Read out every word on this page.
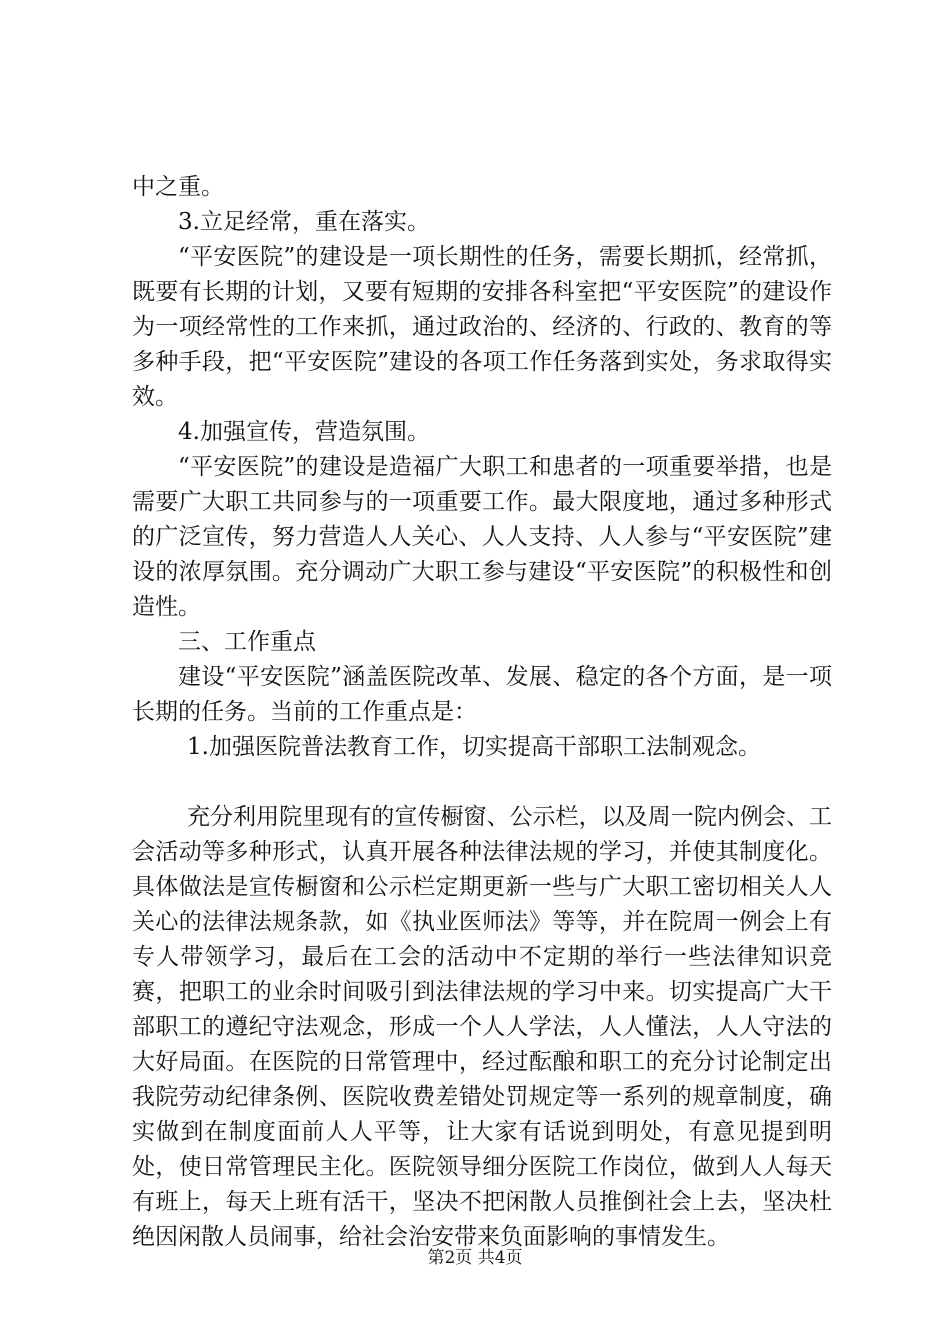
中之重。

3.立足经常，重在落实。

“平安医院”的建设是一项长期性的任务，需要长期抓，经常抓，既要有长期的计划，又要有短期的安排各科室把“平安医院”的建设作为一项经常性的工作来抓，通过政治的、经济的、行政的、教育的等多种手段，把“平安医院”建设的各项工作任务落到实处，务求取得实效。

4.加强宣传，营造氛围。

“平安医院”的建设是造福广大职工和患者的一项重要举措，也是需要广大职工共同参与的一项重要工作。最大限度地，通过多种形式的广泛宣传，努力营造人人关心、人人支持、人人参与“平安医院”建设的浓厚氛围。充分调动广大职工参与建设“平安医院”的积极性和创造性。

三、工作重点

建设“平安医院”涵盖医院改革、发展、稳定的各个方面，是一项长期的任务。当前的工作重点是：

1.加强医院普法教育工作，切实提高干部职工法制观念。

充分利用院里现有的宣传橱窗、公示栏，以及周一院内例会、工会活动等多种形式，认真开展各种法律法规的学习，并使其制度化。具体做法是宣传橱窗和公示栏定期更新一些与广大职工密切相关人人关心的法律法规条款，如《执业医师法》等等，并在院周一例会上有专人带领学习，最后在工会的活动中不定期的举行一些法律知识竞赛，把职工的业余时间吸引到法律法规的学习中来。切实提高广大干部职工的遵纪守法观念，形成一个人人学法，人人懂法，人人守法的大好局面。在医院的日常管理中，经过酝酿和职工的充分讨论制定出我院劳动纪律条例、医院收费差错处罚规定等一系列的规章制度，确实做到在制度面前人人平等，让大家有话说到明处，有意见提到明处，使日常管理民主化。医院领导细分医院工作岗位，做到人人每天有班上，每天上班有活干，坚决不把闲散人员推倒社会上去，坚决杜绝因闲散人员闹事，给社会治安带来负面影响的事情发生。

第2页 共4页
